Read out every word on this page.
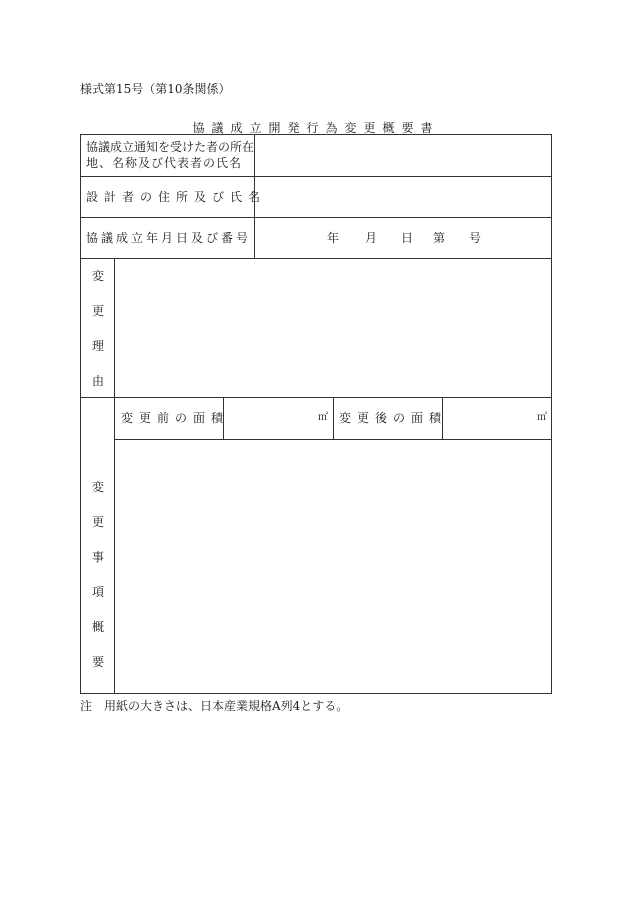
様式第15号（第10条関係）
協議成立開発行為変更概要書
協議成立通知を受けた者の所在
地、名称及び代表者の氏名
設計者の住所及び氏名
協議成立年月日及び番号	年 月 日 第 号
変
更
理
由
変更前の面積	㎡ 変更後の面積	㎡
変
更
事
項
概
要
注　用紙の大きさは、日本産業規格A列4とする。
